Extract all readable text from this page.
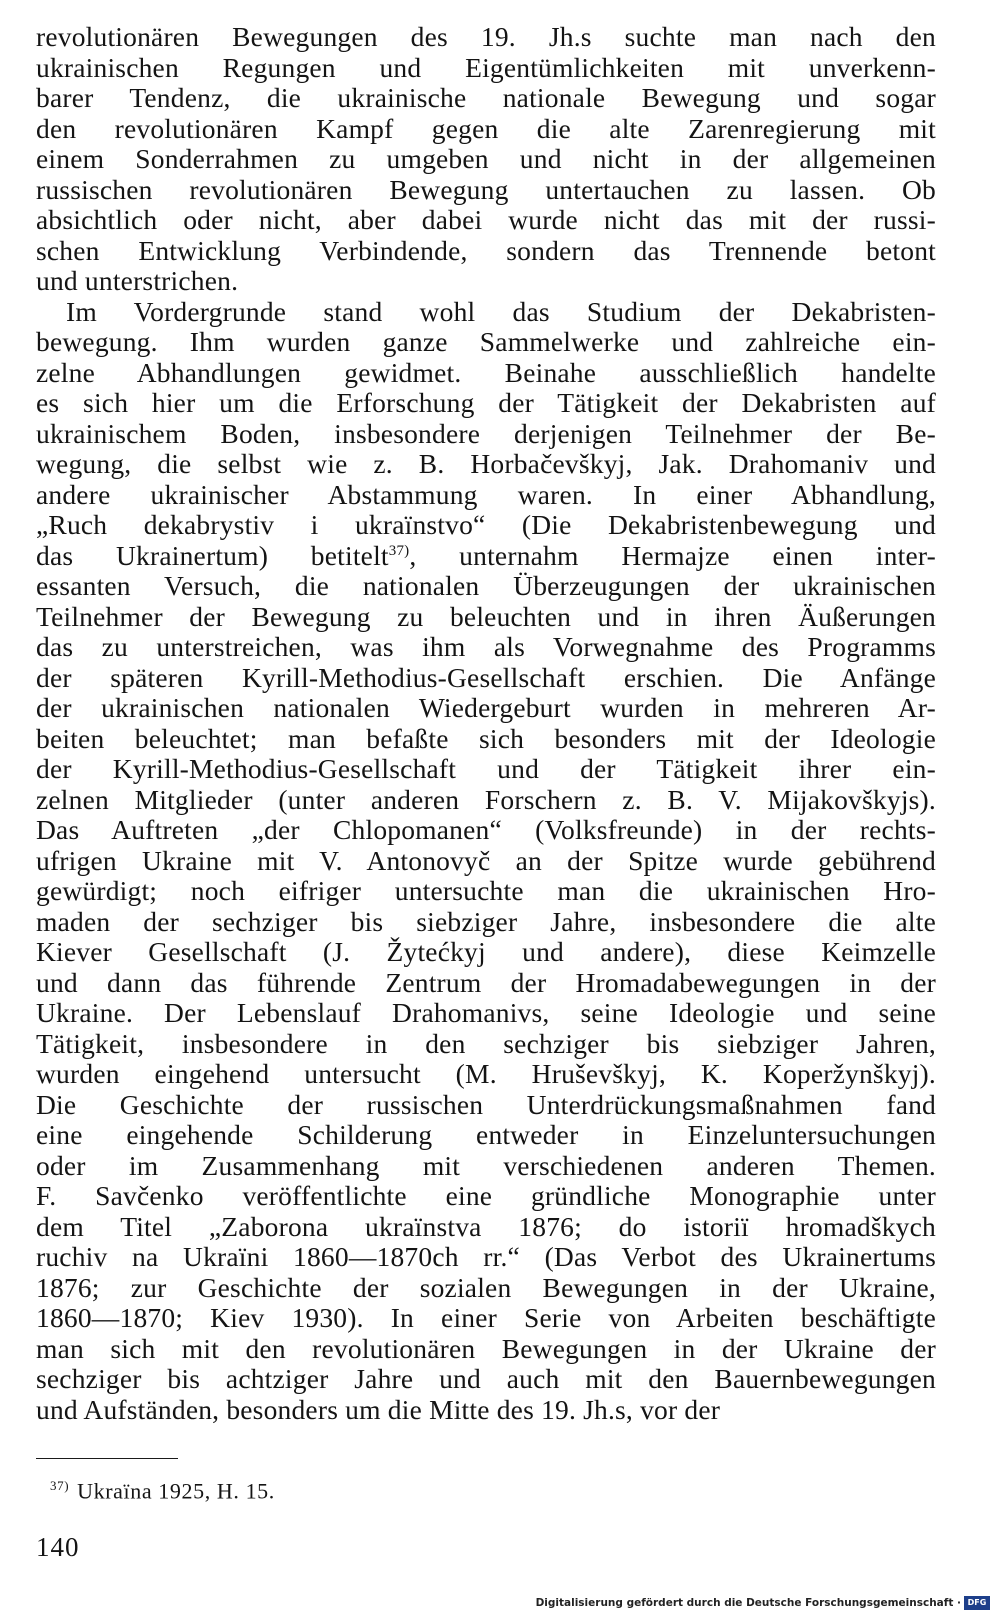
revolutionären Bewegungen des 19. Jh.s suchte man nach den
ukrainischen Regungen und Eigentümlichkeiten mit unverkenn-
barer Tendenz, die ukrainische nationale Bewegung und sogar
den revolutionären Kampf gegen die alte Zarenregierung mit
einem Sonderrahmen zu umgeben und nicht in der allgemeinen
russischen revolutionären Bewegung untertauchen zu lassen. Ob
absichtlich oder nicht, aber dabei wurde nicht das mit der russi-
schen Entwicklung Verbindende, sondern das Trennende betont
und unterstrichen.

Im Vordergrunde stand wohl das Studium der Dekabristen-
bewegung. Ihm wurden ganze Sammelwerke und zahlreiche ein-
zelne Abhandlungen gewidmet. Beinahe ausschließlich handelte
es sich hier um die Erforschung der Tätigkeit der Dekabristen auf
ukrainischem Boden, insbesondere derjenigen Teilnehmer der Be-
wegung, die selbst wie z. B. Horbačevškyj, Jak. Drahomaniv und
andere ukrainischer Abstammung waren. In einer Abhandlung,
„Ruch dekabrystiv i ukraïnstvo“ (Die Dekabristenbewegung und
das Ukrainertum) betitelt$^{37)}$, unternahm Hermajze einen inter-
essanten Versuch, die nationalen Überzeugungen der ukrainischen
Teilnehmer der Bewegung zu beleuchten und in ihren Äußerungen
das zu unterstreichen, was ihm als Vorwegnahme des Programms
der späteren Kyrill-Methodius-Gesellschaft erschien. Die Anfänge
der ukrainischen nationalen Wiedergeburt wurden in mehreren Ar-
beiten beleuchtet; man befaßte sich besonders mit der Ideologie
der Kyrill-Methodius-Gesellschaft und der Tätigkeit ihrer ein-
zelnen Mitglieder (unter anderen Forschern z. B. V. Mijakovškyjs).
Das Auftreten „der Chlopomanen“ (Volksfreunde) in der rechts-
ufrigen Ukraine mit V. Antonovyč an der Spitze wurde gebührend
gewürdigt; noch eifriger untersuchte man die ukrainischen Hro-
maden der sechziger bis siebziger Jahre, insbesondere die alte
Kiever Gesellschaft (J. Žytećkyj und andere), diese Keimzelle
und dann das führende Zentrum der Hromadabewegungen in der
Ukraine. Der Lebenslauf Drahomanivs, seine Ideologie und seine
Tätigkeit, insbesondere in den sechziger bis siebziger Jahren,
wurden eingehend untersucht (M. Hruševškyj, K. Koperžynškyj).
Die Geschichte der russischen Unterdrückungsmaßnahmen fand
eine eingehende Schilderung entweder in Einzeluntersuchungen
oder im Zusammenhang mit verschiedenen anderen Themen.
F. Savčenko veröffentlichte eine gründliche Monographie unter
dem Titel „Zaborona ukraïnstva 1876; do istoriï hromadškych
ruchiv na Ukraïni 1860—1870ch rr.“ (Das Verbot des Ukrainertums
1876; zur Geschichte der sozialen Bewegungen in der Ukraine,
1860—1870; Kiev 1930). In einer Serie von Arbeiten beschäftigte
man sich mit den revolutionären Bewegungen in der Ukraine der
sechziger bis achtziger Jahre und auch mit den Bauernbewegungen
und Aufständen, besonders um die Mitte des 19. Jh.s, vor der

$^{37)}$ Ukraïna 1925, H. 15.
140
Digitalisierung gefördert durch die Deutsche Forschungsgemeinschaft · DFG
